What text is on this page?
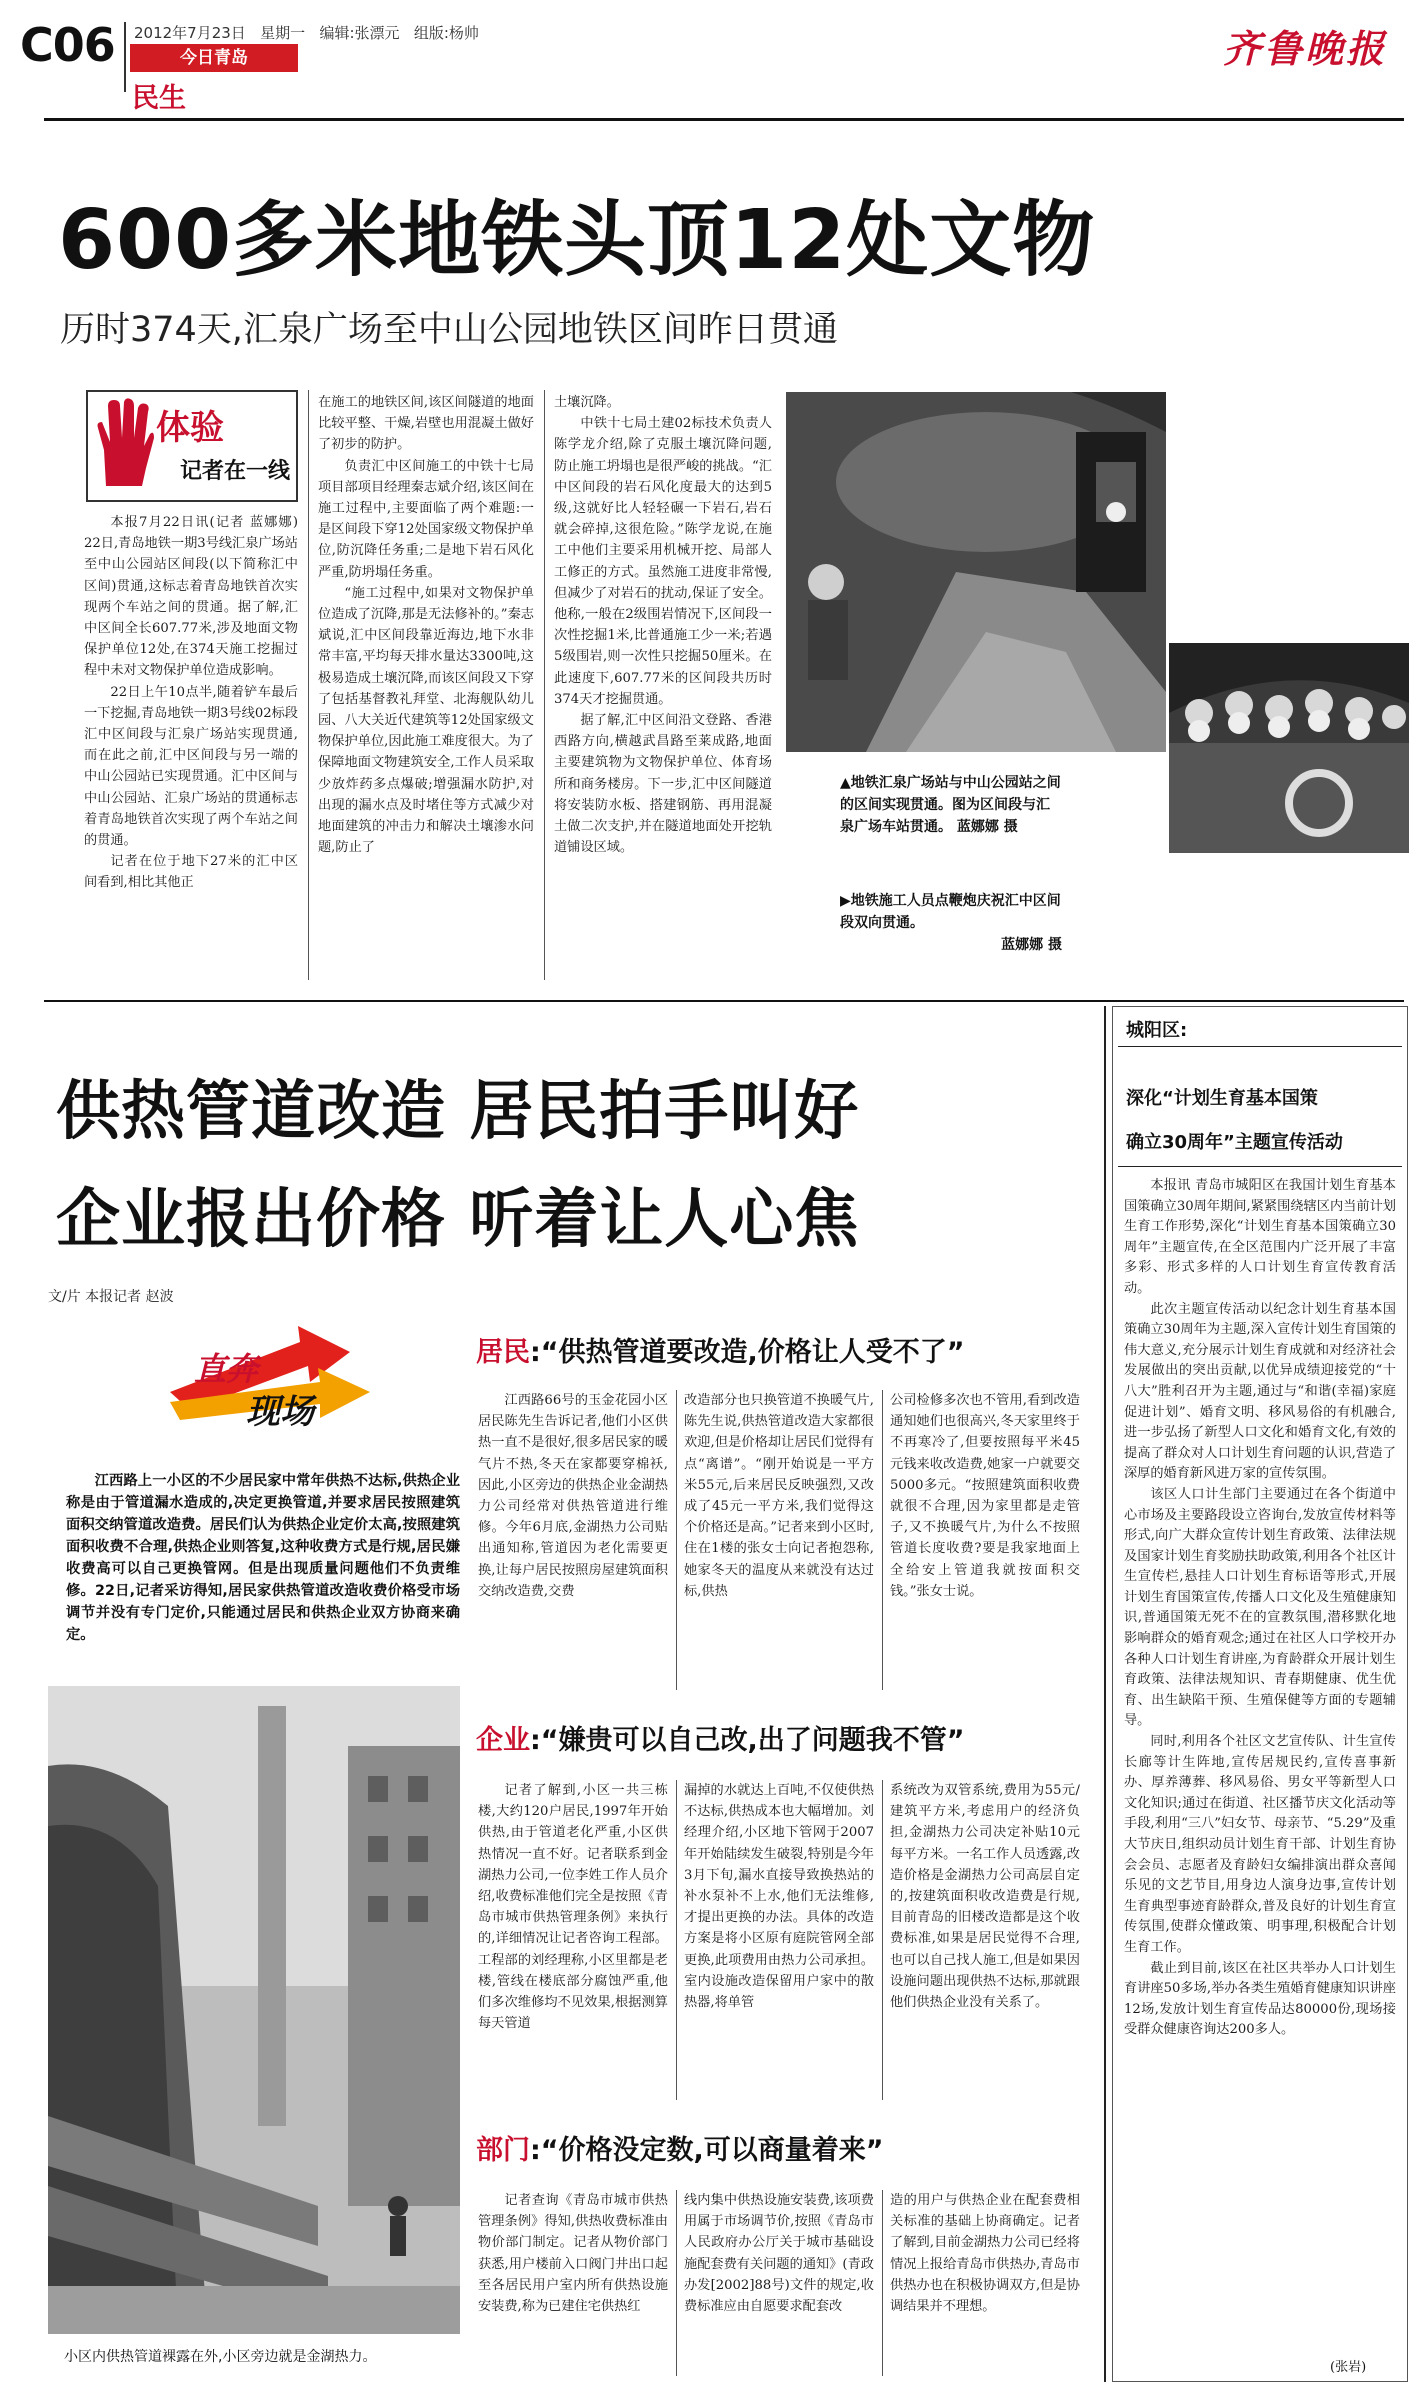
C06 2012年7月23日 星期一 编辑:张漂元 组版:杨帅
今日青岛
民生
齐鲁晚报
600多米地铁头顶12处文物
历时374天,汇泉广场至中山公园地铁区间昨日贯通
体验
记者在一线

本报7月22日讯(记者 蓝娜娜) 22日,青岛地铁一期3号线汇泉广场站至中山公园站区间段(以下简称汇中区间)贯通,这标志着青岛地铁首次实现两个车站之间的贯通。据了解,汇中区间全长607.77米,涉及地面文物保护单位12处,在374天施工挖掘过程中未对文物保护单位造成影响。

22日上午10点半,随着铲车最后一下挖掘,青岛地铁一期3号线02标段汇中区间段与汇泉广场站实现贯通,而在此之前,汇中区间段与另一端的中山公园站已实现贯通。汇中区间与中山公园站、汇泉广场站的贯通标志着青岛地铁首次实现了两个车站之间的贯通。

记者在位于地下27米的汇中区间看到,相比其他正

在施工的地铁区间,该区间隧道的地面比较平整、干燥,岩壁也用混凝土做好了初步的防护。

负责汇中区间施工的中铁十七局项目部项目经理秦志斌介绍,该区间在施工过程中,主要面临了两个难题:一是区间段下穿12处国家级文物保护单位,防沉降任务重;二是地下岩石风化严重,防坍塌任务重。

“施工过程中,如果对文物保护单位造成了沉降,那是无法修补的。”秦志斌说,汇中区间段靠近海边,地下水非常丰富,平均每天排水量达3300吨,这极易造成土壤沉降,而该区间段又下穿了包括基督教礼拜堂、北海舰队幼儿园、八大关近代建筑等12处国家级文物保护单位,因此施工难度很大。为了保障地面文物建筑安全,工作人员采取少放炸药多点爆破;增强漏水防护,对出现的漏水点及时堵住等方式减少对地面建筑的冲击力和解决土壤渗水问题,防止了

土壤沉降。

中铁十七局土建02标技术负责人陈学龙介绍,除了克服土壤沉降问题,防止施工坍塌也是很严峻的挑战。“汇中区间段的岩石风化度最大的达到5级,这就好比人轻轻碾一下岩石,岩石就会碎掉,这很危险。”陈学龙说,在施工中他们主要采用机械开挖、局部人工修正的方式。虽然施工进度非常慢,但减少了对岩石的扰动,保证了安全。他称,一般在2级围岩情况下,区间段一次性挖掘1米,比普通施工少一米;若遇5级围岩,则一次性只挖掘50厘米。在此速度下,607.77米的区间段共历时374天才挖掘贯通。

据了解,汇中区间沿文登路、香港西路方向,横越武昌路至莱成路,地面主要建筑物为文物保护单位、体育场所和商务楼房。下一步,汇中区间隧道将安装防水板、搭建钢筋、再用混凝土做二次支护,并在隧道地面处开挖轨道铺设区域。

▲地铁汇泉广场站与中山公园站之间的区间实现贯通。图为区间段与汇泉广场车站贯通。 蓝娜娜 摄
▶地铁施工人员点鞭炮庆祝汇中区间段双向贯通。
蓝娜娜 摄
供热管道改造 居民拍手叫好
企业报出价格 听着让人心焦
文/片 本报记者 赵波
直奔
现场
江西路上一小区的不少居民家中常年供热不达标,供热企业称是由于管道漏水造成的,决定更换管道,并要求居民按照建筑面积交纳管道改造费。居民们认为供热企业定价太高,按照建筑面积收费不合理,供热企业则答复,这种收费方式是行规,居民嫌收费高可以自己更换管网。但是出现质量问题他们不负责维修。22日,记者采访得知,居民家供热管道改造收费价格受市场调节并没有专门定价,只能通过居民和供热企业双方协商来确定。
小区内供热管道裸露在外,小区旁边就是金湖热力。
居民:“供热管道要改造,价格让人受不了”
江西路66号的玉金花园小区居民陈先生告诉记者,他们小区供热一直不是很好,很多居民家的暖气片不热,冬天在家都要穿棉袄,因此,小区旁边的供热企业金湖热力公司经常对供热管道进行维修。今年6月底,金湖热力公司贴出通知称,管道因为老化需要更换,让每户居民按照房屋建筑面积交纳改造费,交费
改造部分也只换管道不换暖气片,陈先生说,供热管道改造大家都很欢迎,但是价格却让居民们觉得有点“离谱”。“刚开始说是一平方米55元,后来居民反映强烈,又改成了45元一平方米,我们觉得这个价格还是高。”记者来到小区时,住在1楼的张女士向记者抱怨称,她家冬天的温度从来就没有达过标,供热
公司检修多次也不管用,看到改造通知她们也很高兴,冬天家里终于不再寒冷了,但要按照每平米45元钱来收改造费,她家一户就要交5000多元。“按照建筑面积收费就很不合理,因为家里都是走管子,又不换暖气片,为什么不按照管道长度收费?要是我家地面上全给安上管道我就按面积交钱。”张女士说。
企业:“嫌贵可以自己改,出了问题我不管”
记者了解到,小区一共三栋楼,大约120户居民,1997年开始供热,由于管道老化严重,小区供热情况一直不好。记者联系到金湖热力公司,一位李姓工作人员介绍,收费标准他们完全是按照《青岛市城市供热管理条例》来执行的,详细情况让记者咨询工程部。工程部的刘经理称,小区里都是老楼,管线在楼底部分腐蚀严重,他们多次维修均不见效果,根据测算每天管道
漏掉的水就达上百吨,不仅使供热不达标,供热成本也大幅增加。刘经理介绍,小区地下管网于2007年开始陆续发生破裂,特别是今年3月下旬,漏水直接导致换热站的补水泵补不上水,他们无法维修,才提出更换的办法。具体的改造方案是将小区原有庭院管网全部更换,此项费用由热力公司承担。室内设施改造保留用户家中的散热器,将单管
系统改为双管系统,费用为55元/建筑平方米,考虑用户的经济负担,金湖热力公司决定补贴10元每平方米。一名工作人员透露,改造价格是金湖热力公司高层自定的,按建筑面积收改造费是行规,目前青岛的旧楼改造都是这个收费标准,如果是居民觉得不合理,也可以自己找人施工,但是如果因设施问题出现供热不达标,那就跟他们供热企业没有关系了。
部门:“价格没定数,可以商量着来”
记者查询《青岛市城市供热管理条例》得知,供热收费标准由物价部门制定。记者从物价部门获悉,用户楼前入口阀门井出口起至各居民用户室内所有供热设施安装费,称为已建住宅供热红
线内集中供热设施安装费,该项费用属于市场调节价,按照《青岛市人民政府办公厅关于城市基础设施配套费有关问题的通知》(青政办发[2002]88号)文件的规定,收费标准应由自愿要求配套改
造的用户与供热企业在配套费相关标准的基础上协商确定。记者了解到,目前金湖热力公司已经将情况上报给青岛市供热办,青岛市供热办也在积极协调双方,但是协调结果并不理想。
城阳区:
深化“计划生育基本国策
确立30周年”主题宣传活动

本报讯 青岛市城阳区在我国计划生育基本国策确立30周年期间,紧紧围绕辖区内当前计划生育工作形势,深化“计划生育基本国策确立30周年”主题宣传,在全区范围内广泛开展了丰富多彩、形式多样的人口计划生育宣传教育活动。

此次主题宣传活动以纪念计划生育基本国策确立30周年为主题,深入宣传计划生育国策的伟大意义,充分展示计划生育成就和对经济社会发展做出的突出贡献,以优异成绩迎接党的“十八大”胜利召开为主题,通过与“和谐(幸福)家庭促进计划”、婚育文明、移风易俗的有机融合,进一步弘扬了新型人口文化和婚育文化,有效的提高了群众对人口计划生育问题的认识,营造了深厚的婚育新风进万家的宣传氛围。

该区人口计生部门主要通过在各个街道中心市场及主要路段设立咨询台,发放宣传材料等形式,向广大群众宣传计划生育政策、法律法规及国家计划生育奖励扶助政策,利用各个社区计生宣传栏,悬挂人口计划生育标语等形式,开展计划生育国策宣传,传播人口文化及生殖健康知识,普通国策无死不在的宣教氛围,潜移默化地影响群众的婚育观念;通过在社区人口学校开办各种人口计划生育讲座,为育龄群众开展计划生育政策、法律法规知识、青春期健康、优生优育、出生缺陷干预、生殖保健等方面的专题辅导。

同时,利用各个社区文艺宣传队、计生宣传长廊等计生阵地,宣传居规民约,宣传喜事新办、厚养薄葬、移风易俗、男女平等新型人口文化知识;通过在街道、社区播节庆文化活动等手段,利用“三八”妇女节、母亲节、“5.29”及重大节庆日,组织动员计划生育干部、计划生育协会会员、志愿者及育龄妇女编排演出群众喜闻乐见的文艺节目,用身边人演身边事,宣传计划生育典型事迹育龄群众,普及良好的计划生育宣传氛围,使群众懂政策、明事理,积极配合计划生育工作。

截止到目前,该区在社区共举办人口计划生育讲座50多场,举办各类生殖婚育健康知识讲座12场,发放计划生育宣传品达80000份,现场接受群众健康咨询达200多人。

(张岩)
